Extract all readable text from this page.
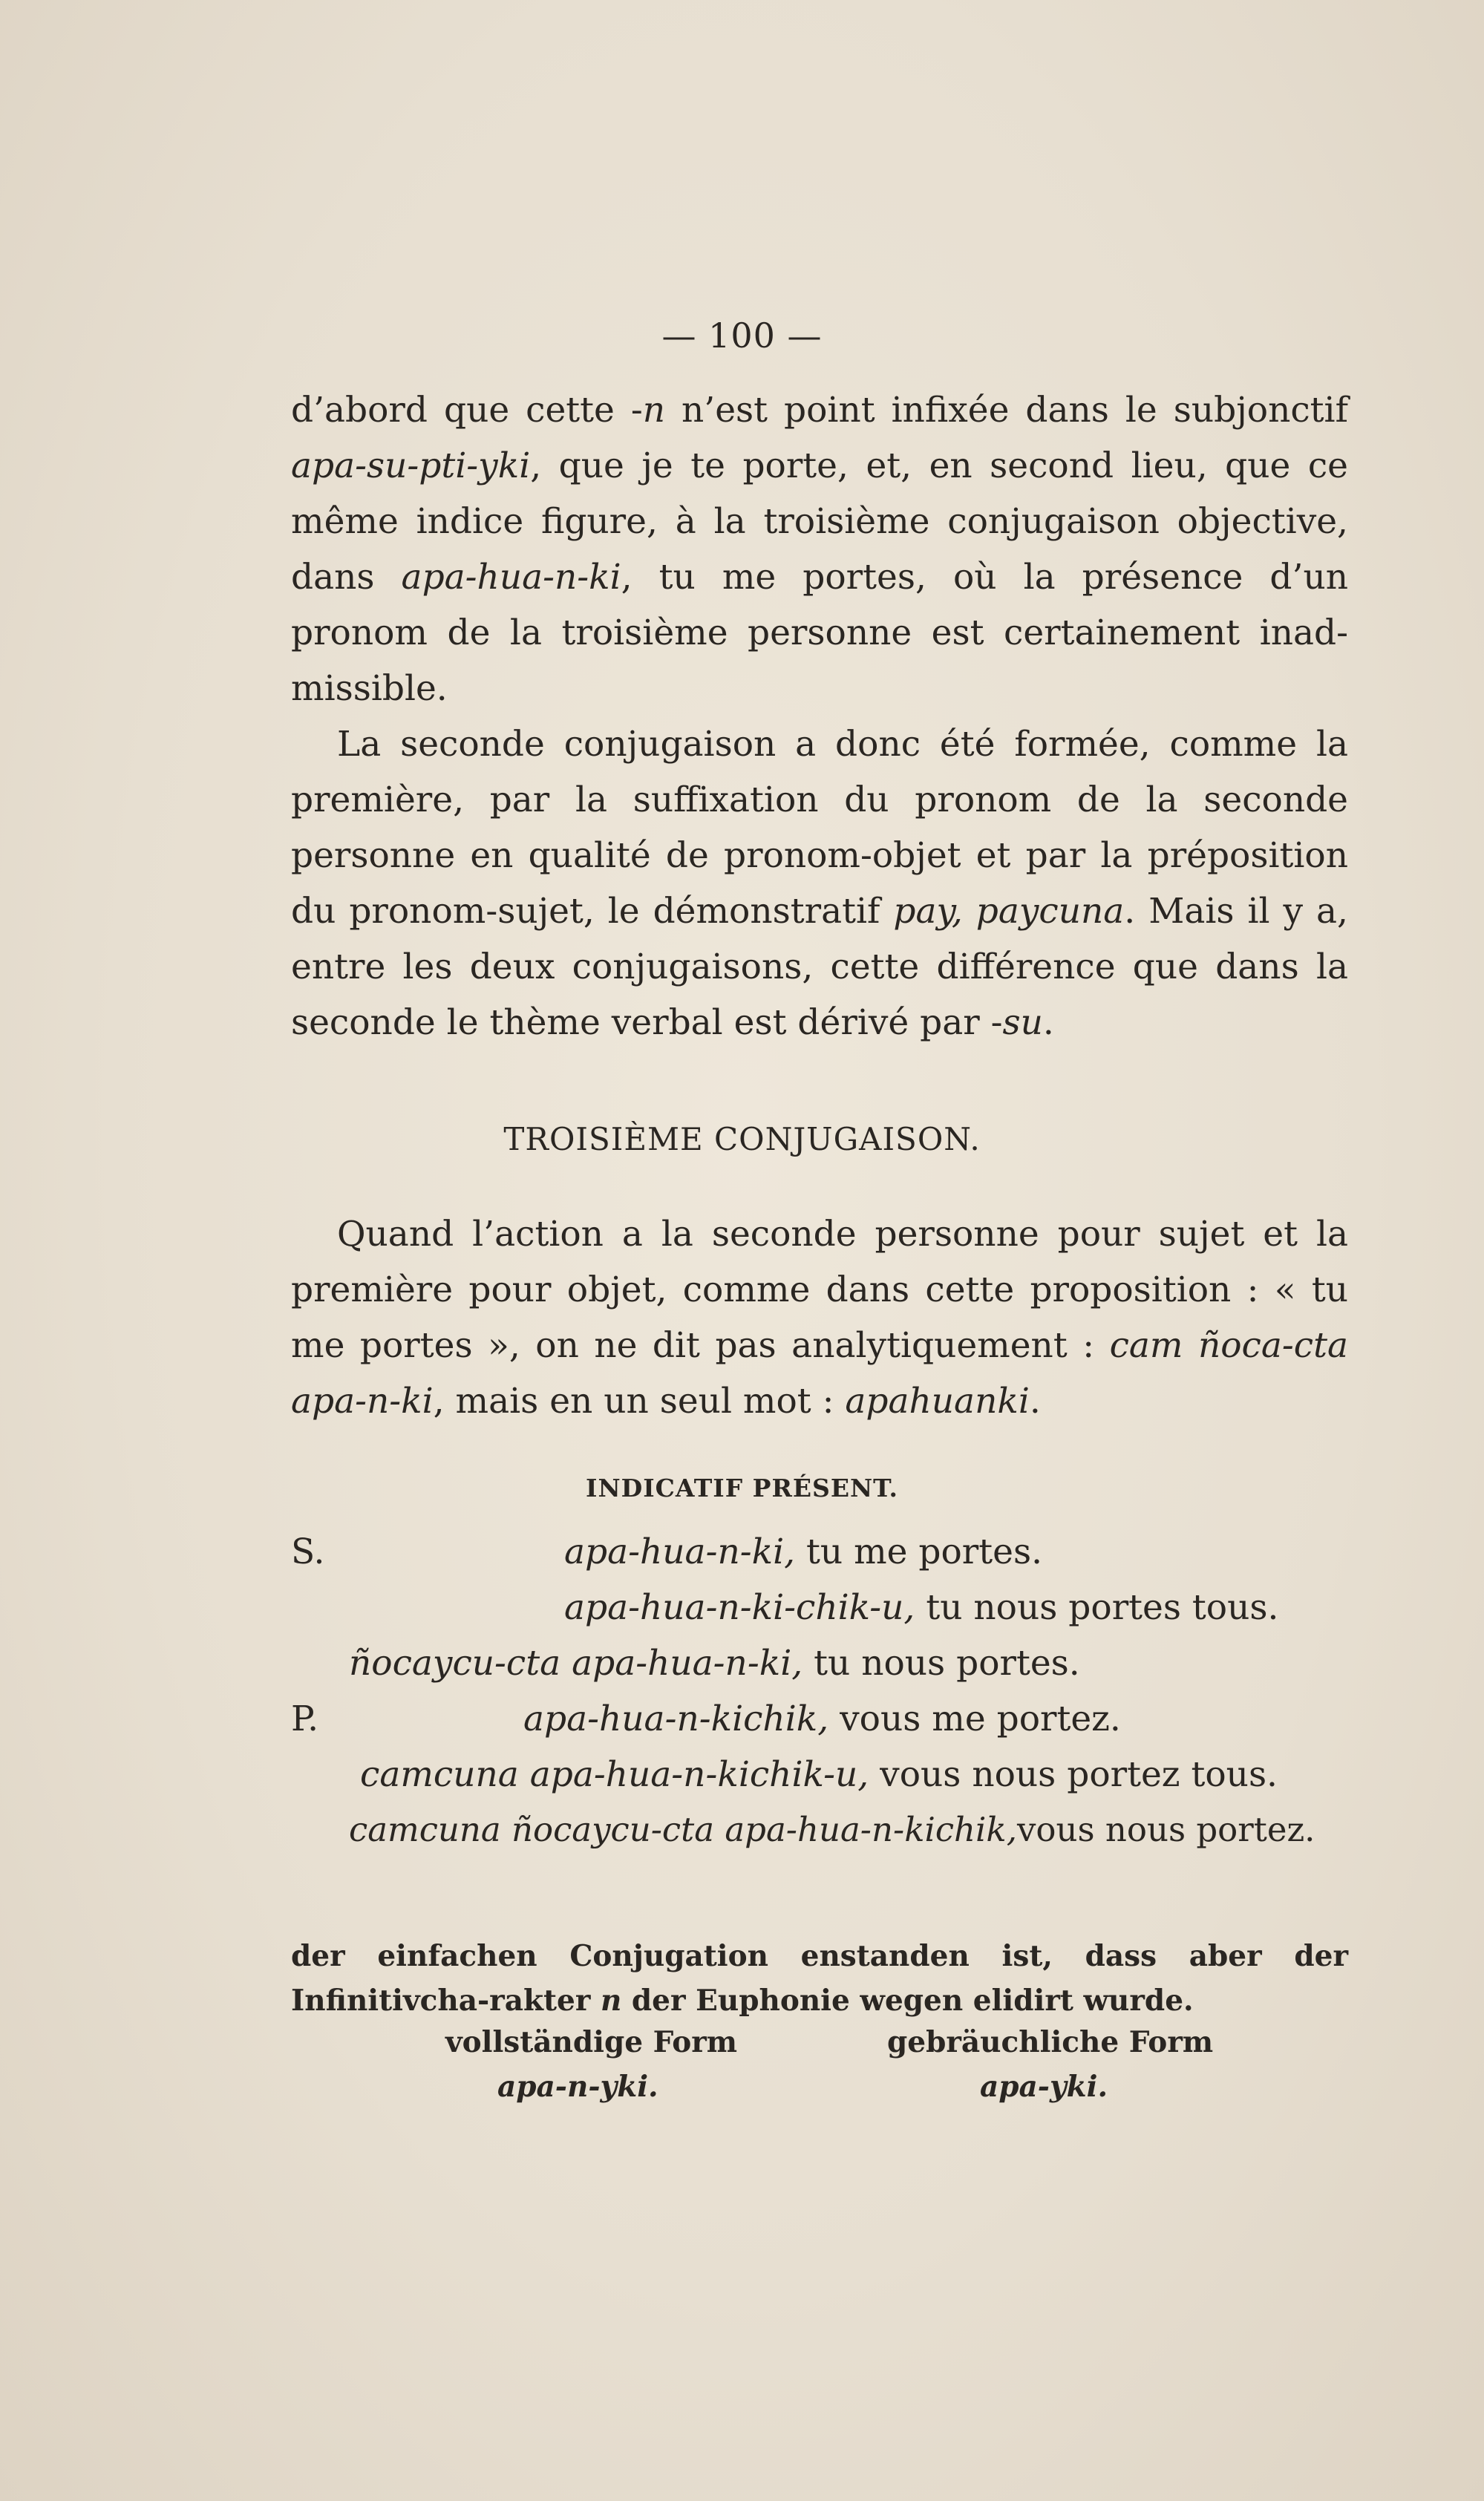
— 100 —
d’abord que cette -n n’est point infixée dans le subjonctif apa-su-pti-yki, que je te porte, et, en second lieu, que ce même indice figure, à la troisième conjugaison objective, dans apa-hua-n-ki, tu me portes, où la présence d’un pronom de la troisième personne est certainement inad-missible.
La seconde conjugaison a donc été formée, comme la première, par la suffixation du pronom de la seconde personne en qualité de pronom-objet et par la préposition du pronom-sujet, le démonstratif pay, paycuna. Mais il y a, entre les deux conjugaisons, cette différence que dans la seconde le thème verbal est dérivé par -su.
TROISIÈME CONJUGAISON.
Quand l’action a la seconde personne pour sujet et la première pour objet, comme dans cette proposition : « tu me portes », on ne dit pas analytiquement : cam ñoca-cta apa-n-ki, mais en un seul mot : apahuanki.
INDICATIF PRÉSENT.
S.	apa-hua-n-ki, tu me portes.
apa-hua-n-ki-chik-u, tu nous portes tous.
ñocaycu-cta apa-hua-n-ki, tu nous portes.
P.	apa-hua-n-kichik, vous me portez.
camcuna apa-hua-n-kichik-u, vous nous portez tous.
camcuna ñocaycu-cta apa-hua-n-kichik,vous nous portez.
der einfachen Conjugation enstanden ist, dass aber der Infinitivcha-rakter n der Euphonie wegen elidirt wurde.
vollständige Form	gebräuchliche Form
apa-n-yki.	apa-yki.
